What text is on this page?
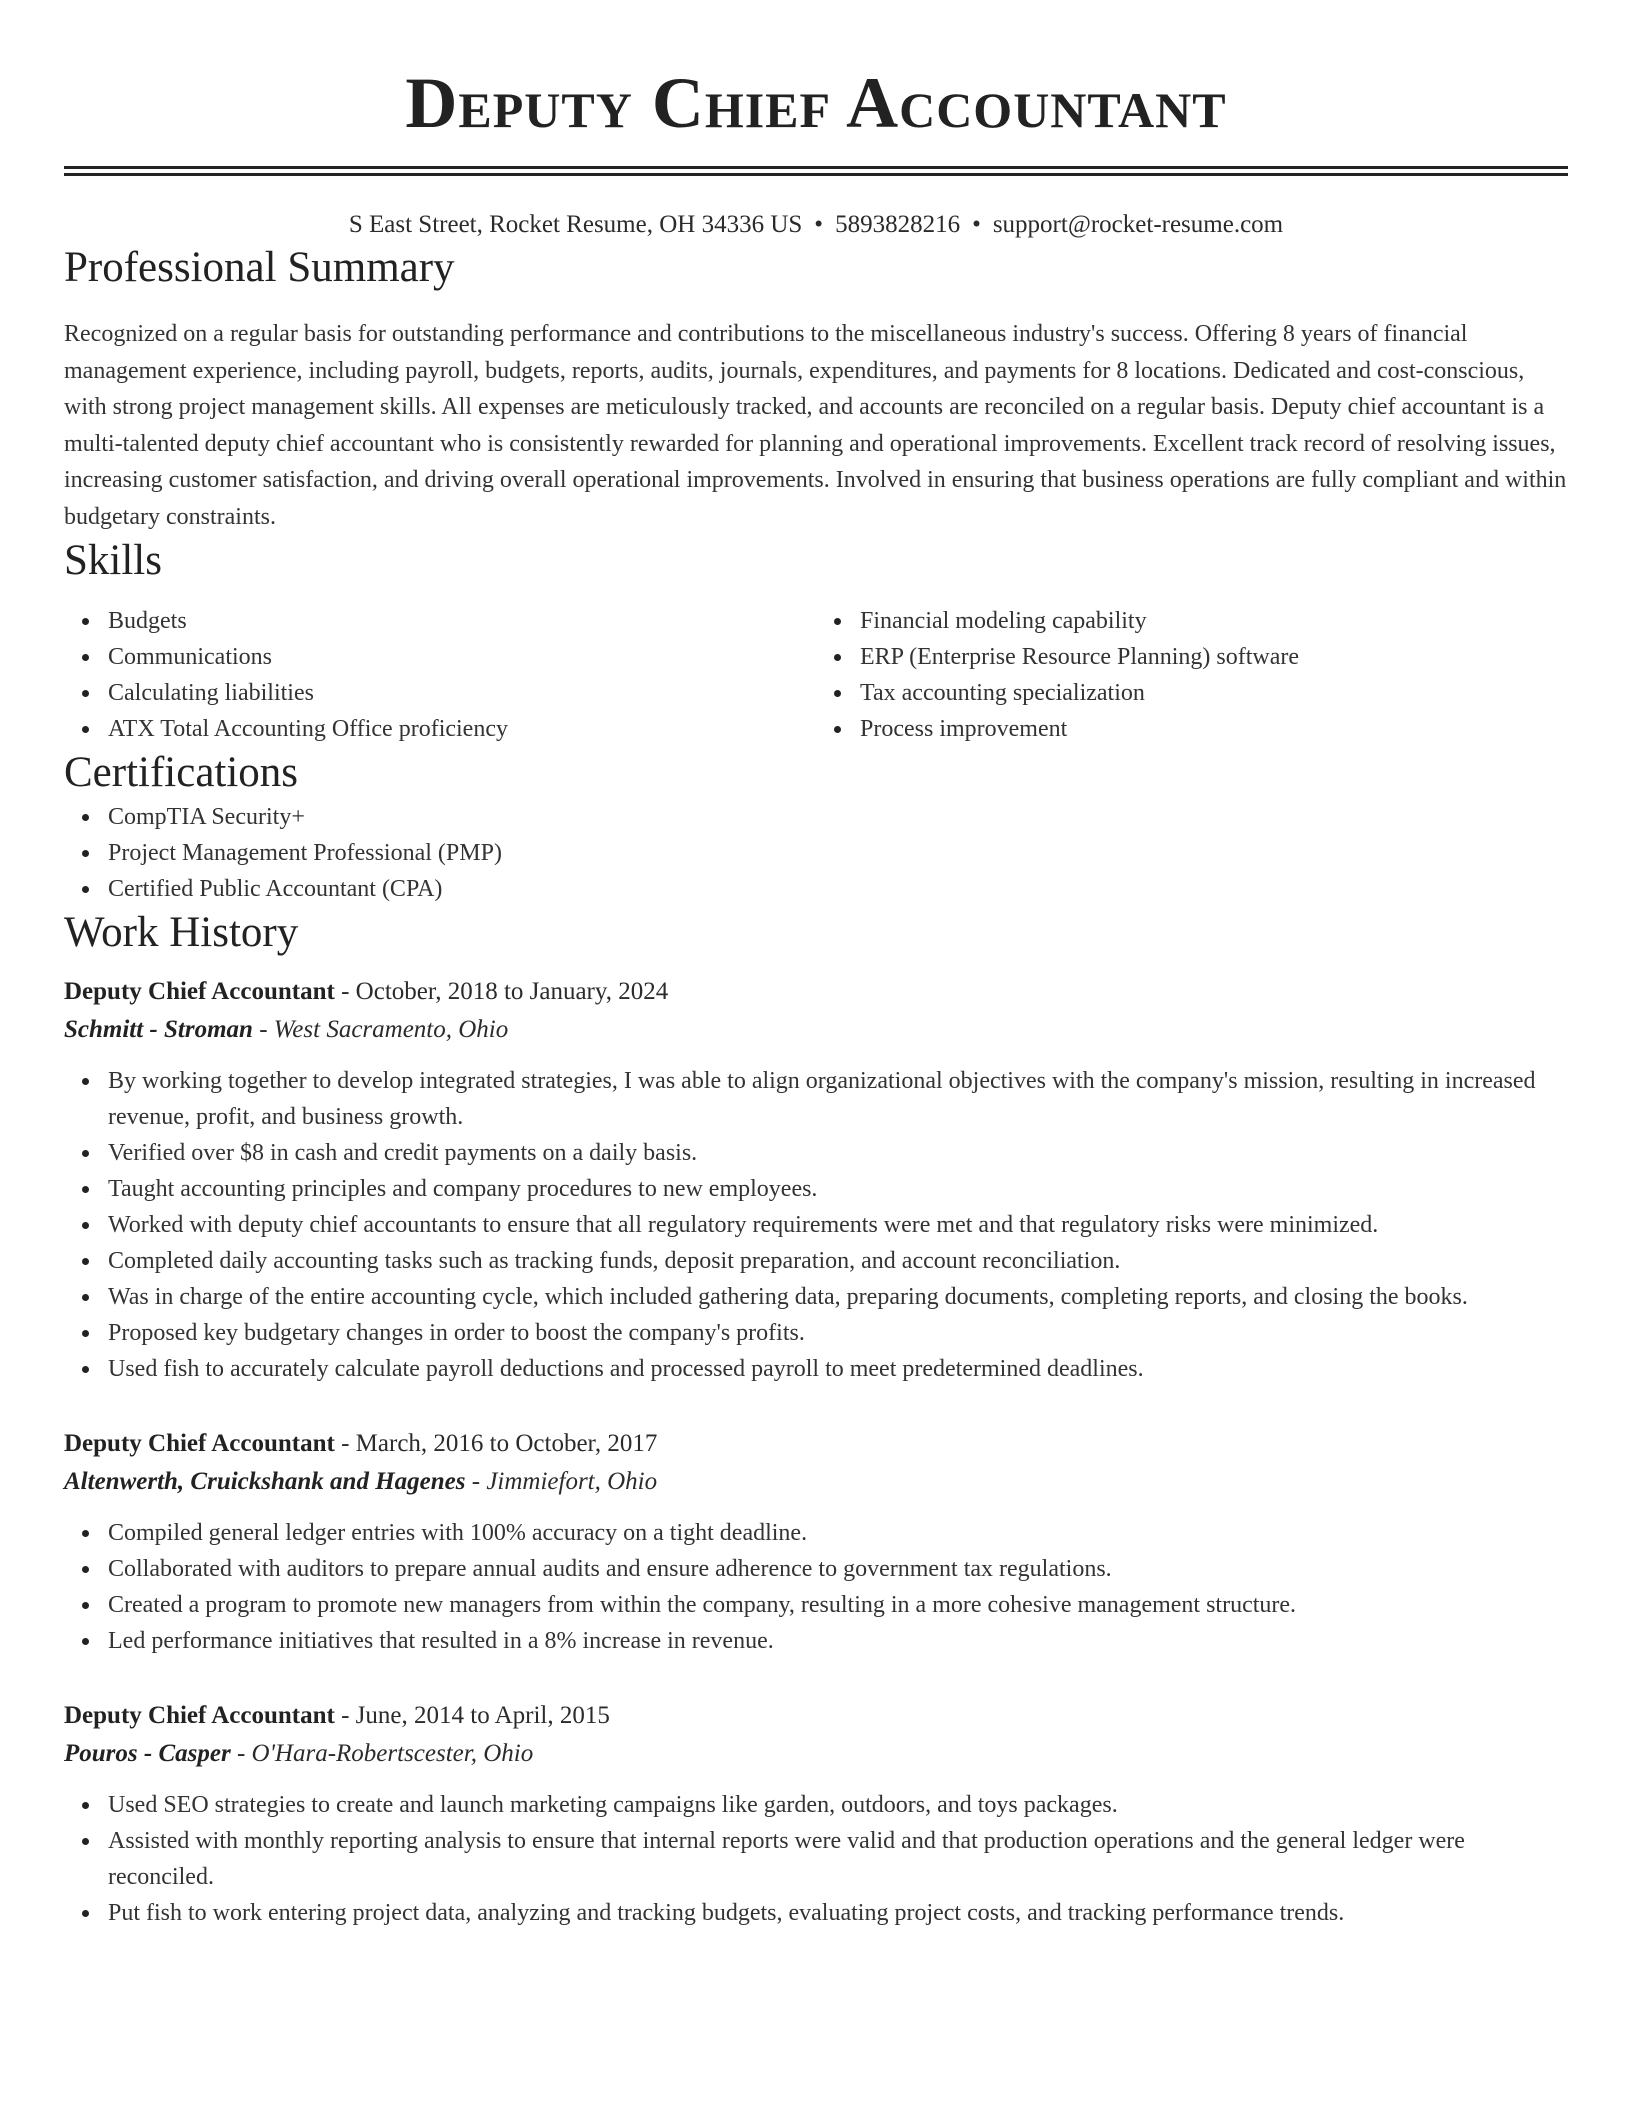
Deputy Chief Accountant
S East Street, Rocket Resume, OH 34336 US • 5893828216 • support@rocket-resume.com
Professional Summary

Recognized on a regular basis for outstanding performance and contributions to the miscellaneous industry's success. Offering 8 years of financial management experience, including payroll, budgets, reports, audits, journals, expenditures, and payments for 8 locations. Dedicated and cost-conscious, with strong project management skills. All expenses are meticulously tracked, and accounts are reconciled on a regular basis. Deputy chief accountant is a multi-talented deputy chief accountant who is consistently rewarded for planning and operational improvements. Excellent track record of resolving issues, increasing customer satisfaction, and driving overall operational improvements. Involved in ensuring that business operations are fully compliant and within budgetary constraints.

Skills
Budgets
Communications
Calculating liabilities
ATX Total Accounting Office proficiency
Financial modeling capability
ERP (Enterprise Resource Planning) software
Tax accounting specialization
Process improvement
Certifications
CompTIA Security+
Project Management Professional (PMP)
Certified Public Accountant (CPA)
Work History
Deputy Chief Accountant - October, 2018 to January, 2024
Schmitt - Stroman - West Sacramento, Ohio
By working together to develop integrated strategies, I was able to align organizational objectives with the company's mission, resulting in increased revenue, profit, and business growth.
Verified over $8 in cash and credit payments on a daily basis.
Taught accounting principles and company procedures to new employees.
Worked with deputy chief accountants to ensure that all regulatory requirements were met and that regulatory risks were minimized.
Completed daily accounting tasks such as tracking funds, deposit preparation, and account reconciliation.
Was in charge of the entire accounting cycle, which included gathering data, preparing documents, completing reports, and closing the books.
Proposed key budgetary changes in order to boost the company's profits.
Used fish to accurately calculate payroll deductions and processed payroll to meet predetermined deadlines.
Deputy Chief Accountant - March, 2016 to October, 2017
Altenwerth, Cruickshank and Hagenes - Jimmiefort, Ohio
Compiled general ledger entries with 100% accuracy on a tight deadline.
Collaborated with auditors to prepare annual audits and ensure adherence to government tax regulations.
Created a program to promote new managers from within the company, resulting in a more cohesive management structure.
Led performance initiatives that resulted in a 8% increase in revenue.
Deputy Chief Accountant - June, 2014 to April, 2015
Pouros - Casper - O'Hara-Robertscester, Ohio
Used SEO strategies to create and launch marketing campaigns like garden, outdoors, and toys packages.
Assisted with monthly reporting analysis to ensure that internal reports were valid and that production operations and the general ledger were reconciled.
Put fish to work entering project data, analyzing and tracking budgets, evaluating project costs, and tracking performance trends.
